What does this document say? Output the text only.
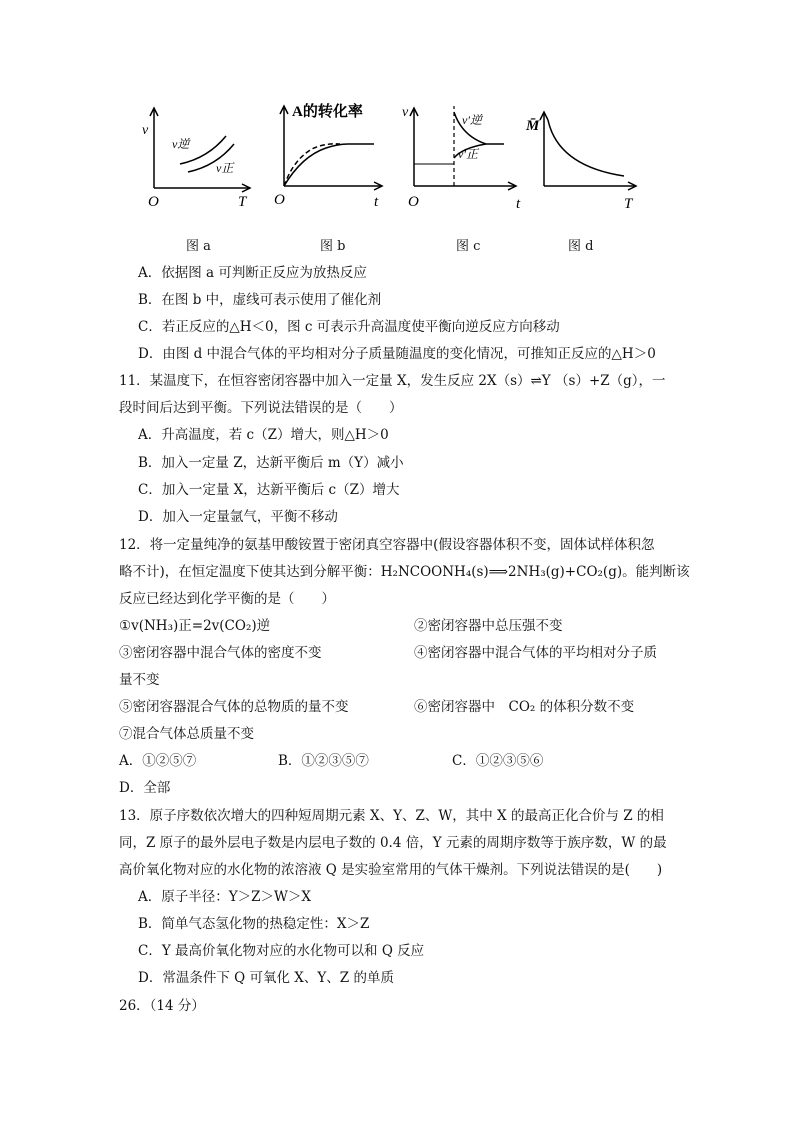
v
O	T
v逆
v正
图 a
A的转化率
O	t
图 b
v
O	t
v′逆
v′正
图 c
M̄
T
图 d
A．依据图 a 可判断正反应为放热反应
B．在图 b 中，虚线可表示使用了催化剂
C．若正反应的△H＜0，图 c 可表示升高温度使平衡向逆反应方向移动
D．由图 d 中混合气体的平均相对分子质量随温度的变化情况，可推知正反应的△H＞0
11．某温度下，在恒容密闭容器中加入一定量 X，发生反应 2X（s）⇌Y （s）+Z（g），一
段时间后达到平衡。下列说法错误的是（　　）
A．升高温度，若 c（Z）增大，则△H＞0
B．加入一定量 Z，达新平衡后 m（Y）减小
C．加入一定量 X，达新平衡后 c（Z）增大
D．加入一定量氩气，平衡不移动
12．将一定量纯净的氨基甲酸铵置于密闭真空容器中(假设容器体积不变，固体试样体积忽
略不计)，在恒定温度下使其达到分解平衡：H₂NCOONH₄(s)⟹2NH₃(g)+CO₂(g)。能判断该
反应已经达到化学平衡的是（　　）
①v(NH₃)正=2v(CO₂)逆	②密闭容器中总压强不变
③密闭容器中混合气体的密度不变	④密闭容器中混合气体的平均相对分子质
量不变
⑤密闭容器混合气体的总物质的量不变	⑥密闭容器中　CO₂ 的体积分数不变
⑦混合气体总质量不变
A．①②⑤⑦	B．①②③⑤⑦	C．①②③⑤⑥
D．全部
13．原子序数依次增大的四种短周期元素 X、Y、Z、W，其中 X 的最高正化合价与 Z 的相
同，Z 原子的最外层电子数是内层电子数的 0.4 倍，Y 元素的周期序数等于族序数，W 的最
高价氧化物对应的水化物的浓溶液 Q 是实验室常用的气体干燥剂。下列说法错误的是(　　)
A．原子半径：Y＞Z＞W＞X
B．简单气态氢化物的热稳定性：X＞Z
C．Y 最高价氧化物对应的水化物可以和 Q 反应
D．常温条件下 Q 可氧化 X、Y、Z 的单质
26．（14 分）
